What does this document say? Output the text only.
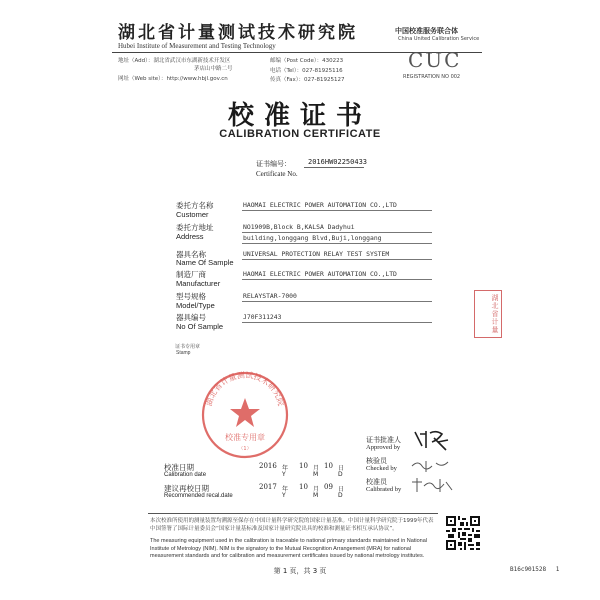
湖北省计量测试技术研究院
Hubei Institute of Measurement and Testing Technology
地址（Add）：湖北省武汉市东湖新技术开发区
茅店山中路二号
网址（Web site）：http://www.hbjl.gov.cn
邮编（Post Code）：430223
电话（Tel）：027-81925116
传真（Fax）：027-81925127
中国校准服务联合体
China United Calibration Service
CUC
REGISTRATION NO 002
校准证书
CALIBRATION CERTIFICATE
证书编号： 2016HW02250433
Certificate No.
委托方名称
Customer
HAOMAI ELECTRIC POWER AUTOMATION CO.,LTD
委托方地址
Address
NO1909B,Block B,KALSA Dadyhui
building,longgang Blvd,Buji,longgang
器具名称
Name Of Sample
UNIVERSAL PROTECTION RELAY TEST SYSTEM
制造厂商
Manufacturer
HAOMAI ELECTRIC POWER AUTOMATION CO.,LTD
型号规格
Model/Type
RELAYSTAR-7000
器具编号
No Of Sample
J70F311243	湖北省计量
证书专用章
Stamp
湖北省计量测试技术研究院
校准专用章
（1）
证书批准人
Approved by
核验员
Checked by
校准员
Calibrated by
校准日期
Calibration date
2016 年
Y
10 月
M
10 日
D
建议再校日期
Recommended recal.date
2017 年
Y
10 月
M
09 日
D
本次校准所使用的测量装置均溯源至保存在中国计量科学研究院的国家计量基准。中国计量科学研究院于1999年代表中国签署了国际计量委员会“国家计量基标准及国家计量研究院出具的校准和测量证书相互承认协议”。
The measuring equipment used in the calibration is traceable to national primary standards maintained in National Institute of Metrology (NIM). NIM is the signatory to the Mutual Recognition Arrangement (MRA) for national measurement standards and for calibration and measurement certificates issued by national metrology institutes.
第 1 页，共 3 页	B16c901528 1
